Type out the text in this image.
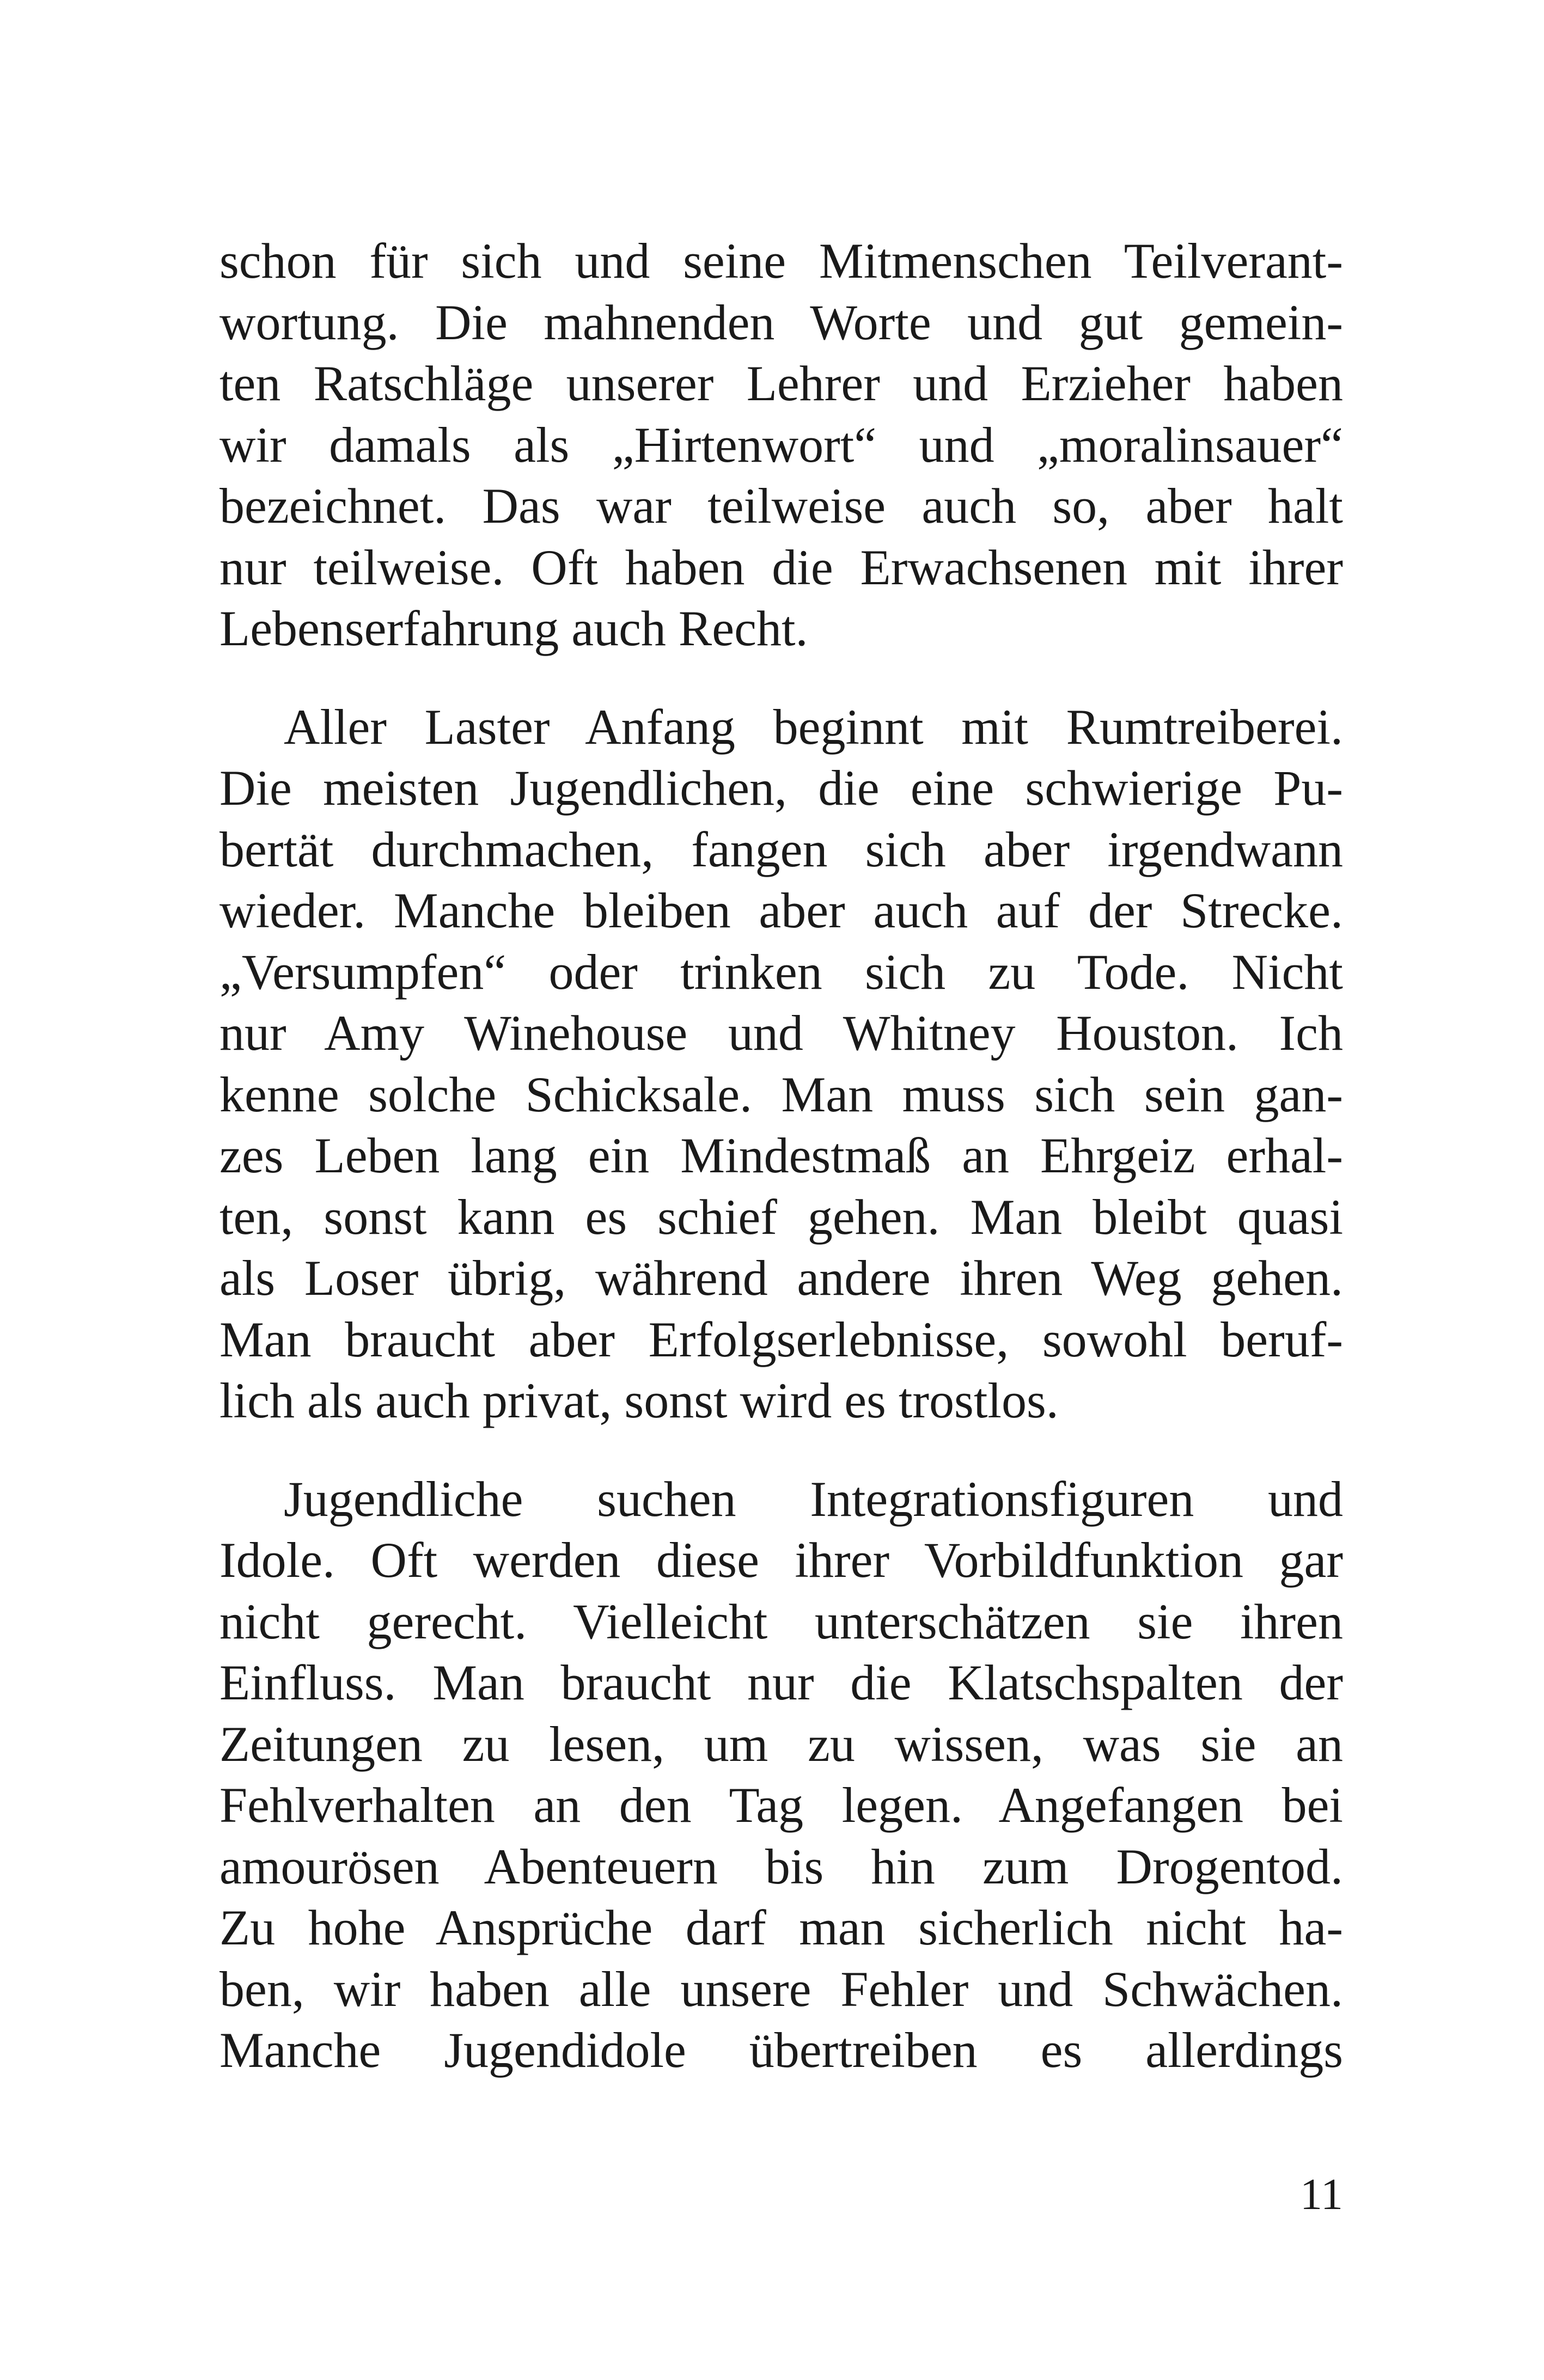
schon für sich und seine Mitmenschen Teilverant-
wortung. Die mahnenden Worte und gut gemein-
ten Ratschläge unserer Lehrer und Erzieher haben
wir damals als „Hirtenwort“ und „moralinsauer“
bezeichnet. Das war teilweise auch so, aber halt
nur teilweise. Oft haben die Erwachsenen mit ihrer
Lebenserfahrung auch Recht.

Aller Laster Anfang beginnt mit Rumtreiberei.
Die meisten Jugendlichen, die eine schwierige Pu-
bertät durchmachen, fangen sich aber irgendwann
wieder. Manche bleiben aber auch auf der Strecke.
„Versumpfen“ oder trinken sich zu Tode. Nicht
nur Amy Winehouse und Whitney Houston. Ich
kenne solche Schicksale. Man muss sich sein gan-
zes Leben lang ein Mindestmaß an Ehrgeiz erhal-
ten, sonst kann es schief gehen. Man bleibt quasi
als Loser übrig, während andere ihren Weg gehen.
Man braucht aber Erfolgserlebnisse, sowohl beruf-
lich als auch privat, sonst wird es trostlos.

Jugendliche suchen Integrationsfiguren und
Idole. Oft werden diese ihrer Vorbildfunktion gar
nicht gerecht. Vielleicht unterschätzen sie ihren
Einfluss. Man braucht nur die Klatschspalten der
Zeitungen zu lesen, um zu wissen, was sie an
Fehlverhalten an den Tag legen. Angefangen bei
amourösen Abenteuern bis hin zum Drogentod.
Zu hohe Ansprüche darf man sicherlich nicht ha-
ben, wir haben alle unsere Fehler und Schwächen.
Manche Jugendidole übertreiben es allerdings

11
